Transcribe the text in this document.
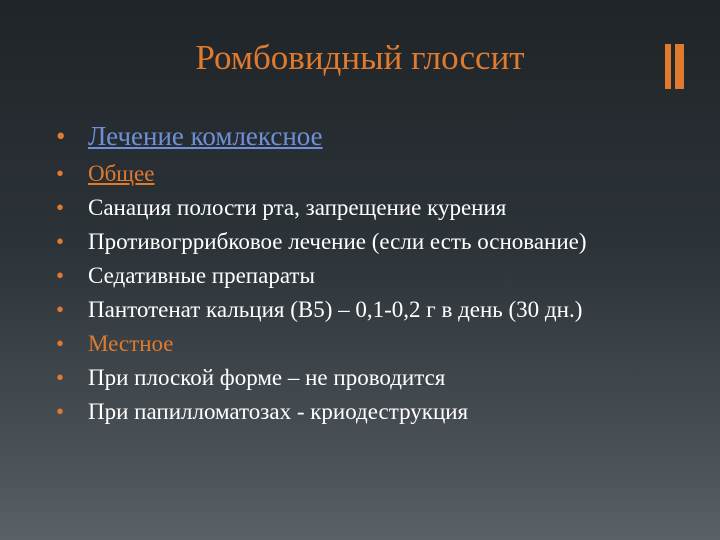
Ромбовидный глоссит
• Лечение комлексное
• Общее
• Санация полости рта, запрещение курения
• Противогррибковое лечение (если есть основание)
• Седативные препараты
• Пантотенат кальция (В5) – 0,1-0,2 г в день (30 дн.)
• Местное
• При плоской форме – не проводится
• При папилломатозах - криодеструкция
